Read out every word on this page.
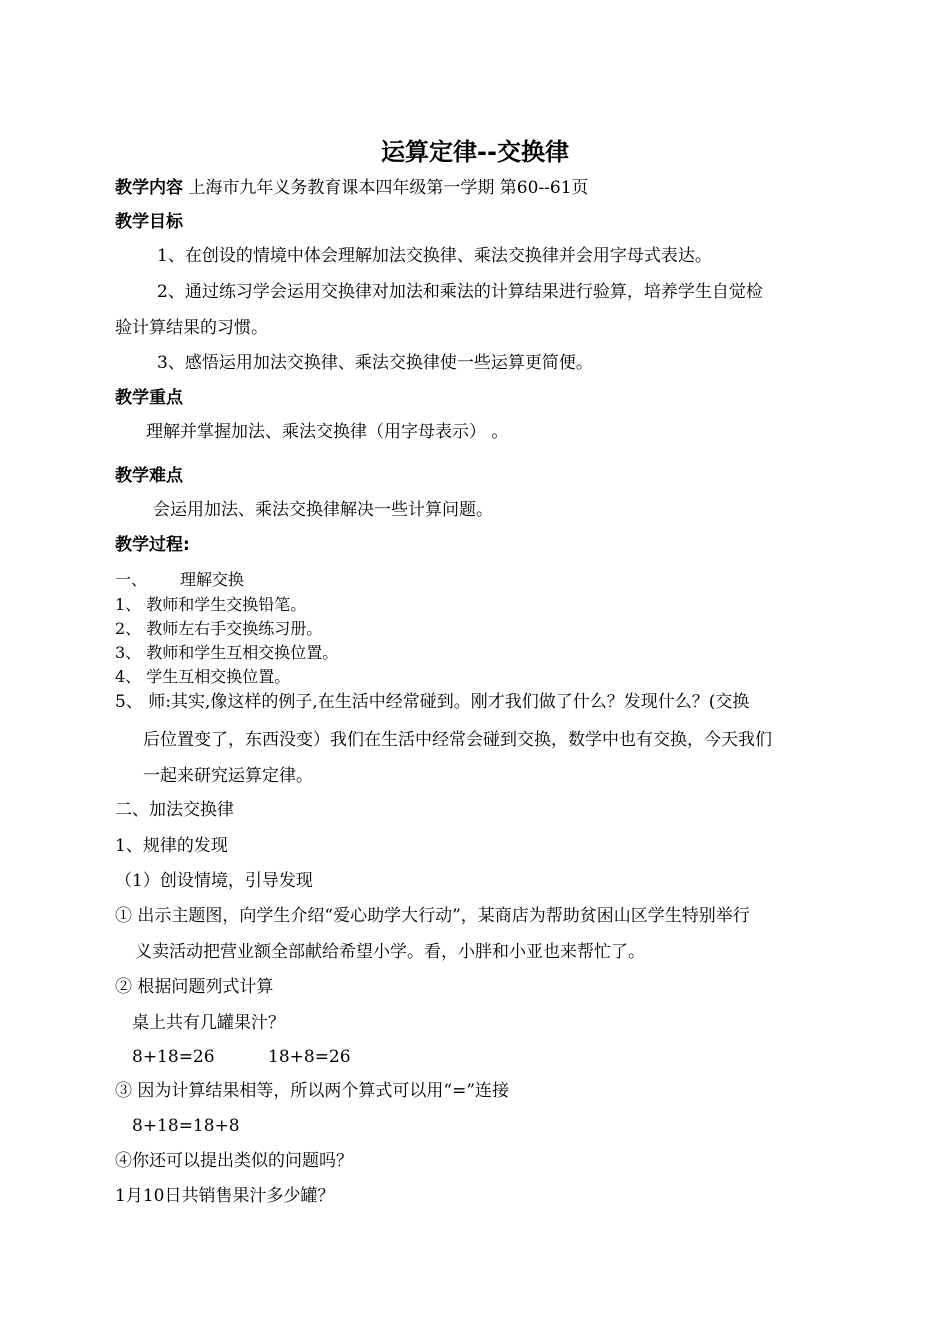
运算定律--交换律
教学内容 上海市九年义务教育课本四年级第一学期 第60--61页
教学目标
1、在创设的情境中体会理解加法交换律、乘法交换律并会用字母式表达。
2、通过练习学会运用交换律对加法和乘法的计算结果进行验算，培养学生自觉检
验计算结果的习惯。
3、感悟运用加法交换律、乘法交换律使一些运算更简便。
教学重点
理解并掌握加法、乘法交换律（用字母表示） 。
教学难点
会运用加法、乘法交换律解决一些计算问题。
教学过程:
一、 理解交换
1、 教师和学生交换铅笔。
2、 教师左右手交换练习册。
3、 教师和学生互相交换位置。
4、 学生互相交换位置。
5、 师:其实,像这样的例子,在生活中经常碰到。刚才我们做了什么？发现什么？(交换
后位置变了，东西没变）我们在生活中经常会碰到交换，数学中也有交换，今天我们
一起来研究运算定律。
二、加法交换律
1、规律的发现
（1）创设情境，引导发现
① 出示主题图，向学生介绍“爱心助学大行动”，某商店为帮助贫困山区学生特别举行
义卖活动把营业额全部献给希望小学。看，小胖和小亚也来帮忙了。
② 根据问题列式计算
桌上共有几罐果汁？
8+18=26	18+8=26
③ 因为计算结果相等，所以两个算式可以用“=”连接
8+18=18+8
④你还可以提出类似的问题吗？
1月10日共销售果汁多少罐？
